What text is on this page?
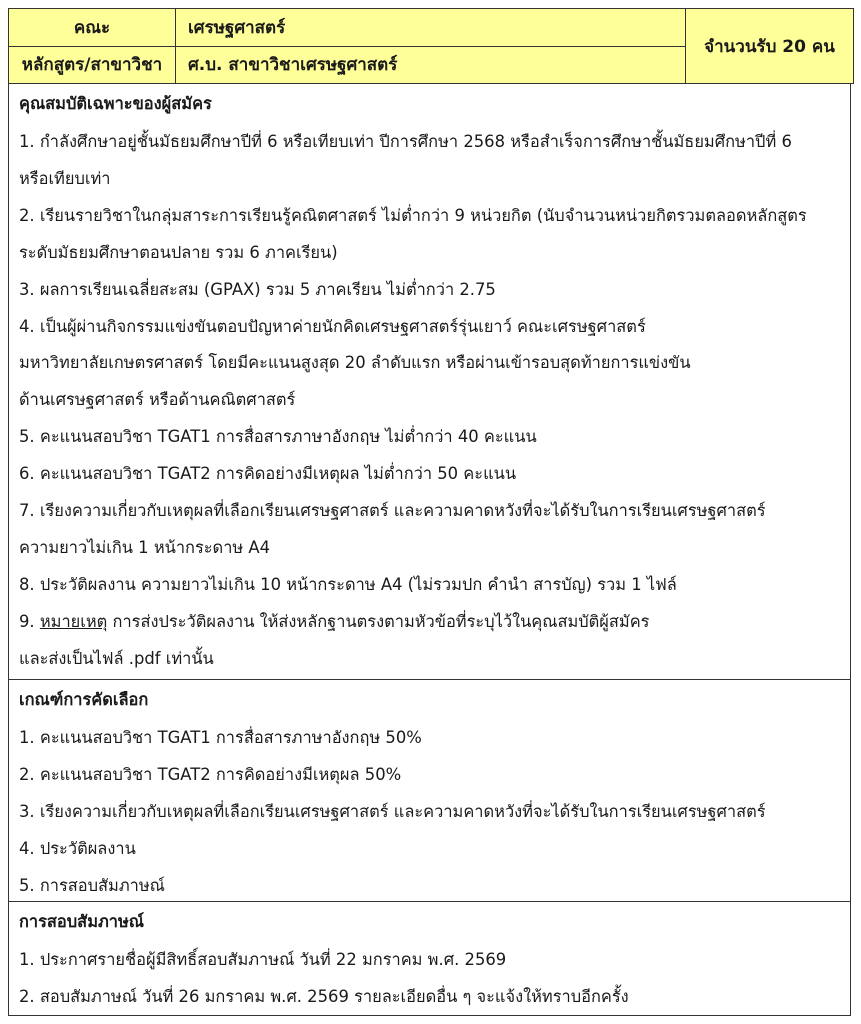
คณะ	เศรษฐศาสตร์	จำนวนรับ 20 คน
หลักสูตร/สาขาวิชา	ศ.บ. สาขาวิชาเศรษฐศาสตร์	
คุณสมบัติเฉพาะของผู้สมัคร
1. กำลังศึกษาอยู่ชั้นมัธยมศึกษาปีที่ 6 หรือเทียบเท่า ปีการศึกษา 2568 หรือสำเร็จการศึกษาชั้นมัธยมศึกษาปีที่ 6
หรือเทียบเท่า
2. เรียนรายวิชาในกลุ่มสาระการเรียนรู้คณิตศาสตร์ ไม่ต่ำกว่า 9 หน่วยกิต (นับจำนวนหน่วยกิตรวมตลอดหลักสูตร
ระดับมัธยมศึกษาตอนปลาย รวม 6 ภาคเรียน)
3. ผลการเรียนเฉลี่ยสะสม (GPAX) รวม 5 ภาคเรียน ไม่ต่ำกว่า 2.75
4. เป็นผู้ผ่านกิจกรรมแข่งขันตอบปัญหาค่ายนักคิดเศรษฐศาสตร์รุ่นเยาว์ คณะเศรษฐศาสตร์
มหาวิทยาลัยเกษตรศาสตร์ โดยมีคะแนนสูงสุด 20 ลำดับแรก หรือผ่านเข้ารอบสุดท้ายการแข่งขัน
ด้านเศรษฐศาสตร์ หรือด้านคณิตศาสตร์
5. คะแนนสอบวิชา TGAT1 การสื่อสารภาษาอังกฤษ ไม่ต่ำกว่า 40 คะแนน
6. คะแนนสอบวิชา TGAT2 การคิดอย่างมีเหตุผล ไม่ต่ำกว่า 50 คะแนน
7. เรียงความเกี่ยวกับเหตุผลที่เลือกเรียนเศรษฐศาสตร์ และความคาดหวังที่จะได้รับในการเรียนเศรษฐศาสตร์
ความยาวไม่เกิน 1 หน้ากระดาษ A4
8. ประวัติผลงาน ความยาวไม่เกิน 10 หน้ากระดาษ A4 (ไม่รวมปก คำนำ สารบัญ) รวม 1 ไฟล์
9. หมายเหตุ การส่งประวัติผลงาน ให้ส่งหลักฐานตรงตามหัวข้อที่ระบุไว้ในคุณสมบัติผู้สมัคร
และส่งเป็นไฟล์ .pdf เท่านั้น
เกณฑ์การคัดเลือก
1. คะแนนสอบวิชา TGAT1 การสื่อสารภาษาอังกฤษ 50%
2. คะแนนสอบวิชา TGAT2 การคิดอย่างมีเหตุผล 50%
3. เรียงความเกี่ยวกับเหตุผลที่เลือกเรียนเศรษฐศาสตร์ และความคาดหวังที่จะได้รับในการเรียนเศรษฐศาสตร์
4. ประวัติผลงาน
5. การสอบสัมภาษณ์
การสอบสัมภาษณ์
1. ประกาศรายชื่อผู้มีสิทธิ์สอบสัมภาษณ์ วันที่ 22 มกราคม พ.ศ. 2569
2. สอบสัมภาษณ์ วันที่ 26 มกราคม พ.ศ. 2569 รายละเอียดอื่น ๆ จะแจ้งให้ทราบอีกครั้ง
